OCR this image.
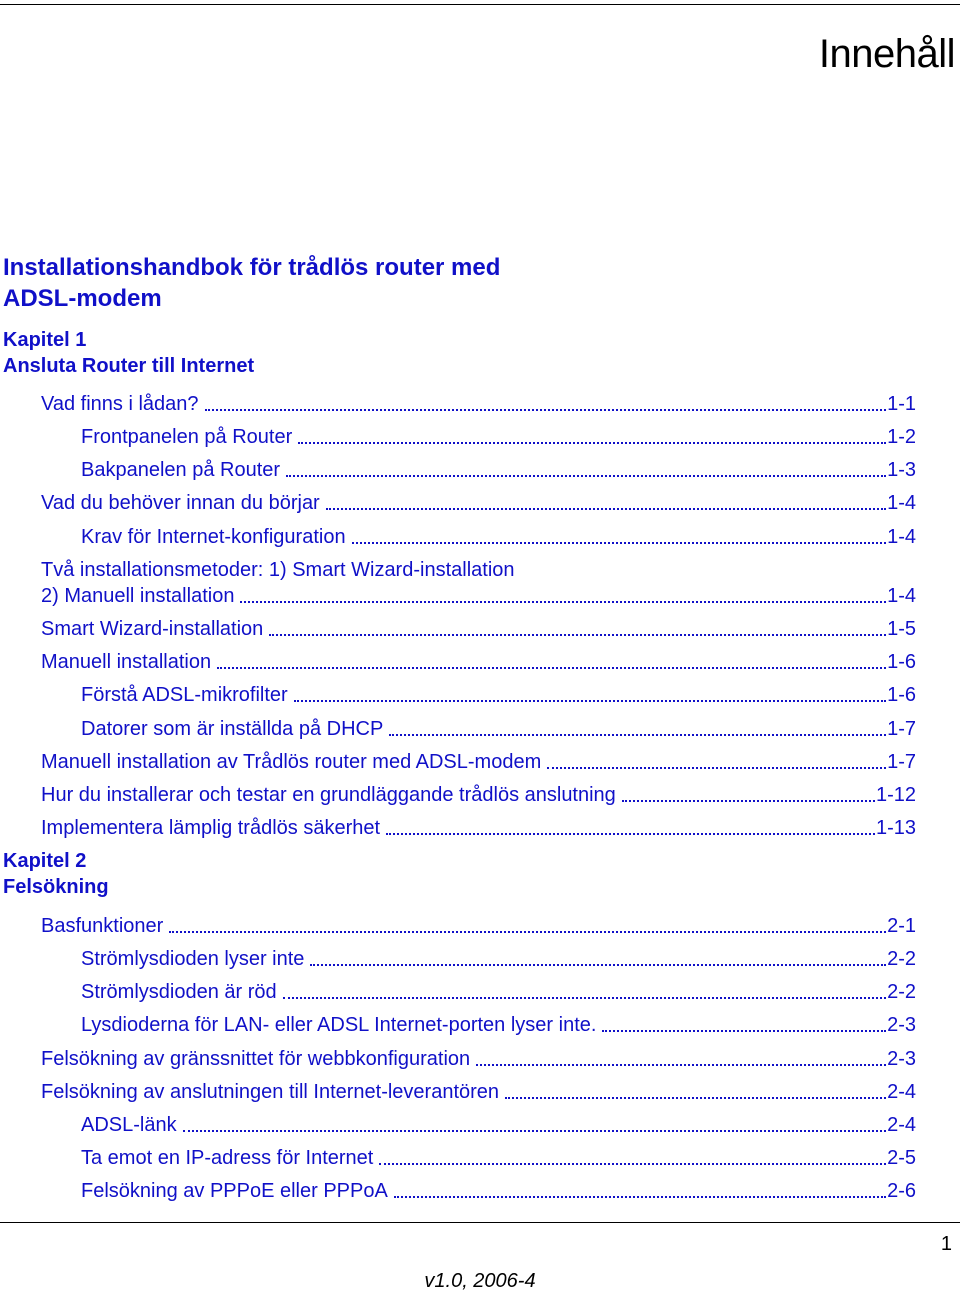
Innehåll
Installationshandbok för trådlös router med
ADSL-modem
Kapitel 1
Ansluta Router till Internet
Vad finns i lådan?	1-1
Frontpanelen på Router	1-2
Bakpanelen på Router	1-3
Vad du behöver innan du börjar	1-4
Krav för Internet-konfiguration	1-4
Två installationsmetoder: 1) Smart Wizard-installation
2) Manuell installation	1-4
Smart Wizard-installation	1-5
Manuell installation	1-6
Förstå ADSL-mikrofilter	1-6
Datorer som är inställda på DHCP	1-7
Manuell installation av Trådlös router med ADSL-modem	1-7
Hur du installerar och testar en grundläggande trådlös anslutning	1-12
Implementera lämplig trådlös säkerhet	1-13
Kapitel 2
Felsökning
Basfunktioner	2-1
Strömlysdioden lyser inte	2-2
Strömlysdioden är röd	2-2
Lysdioderna för LAN- eller ADSL Internet-porten lyser inte.	2-3
Felsökning av gränssnittet för webbkonfiguration	2-3
Felsökning av anslutningen till Internet-leverantören	2-4
ADSL-länk	2-4
Ta emot en IP-adress för Internet	2-5
Felsökning av PPPoE eller PPPoA	2-6
1
v1.0, 2006-4
